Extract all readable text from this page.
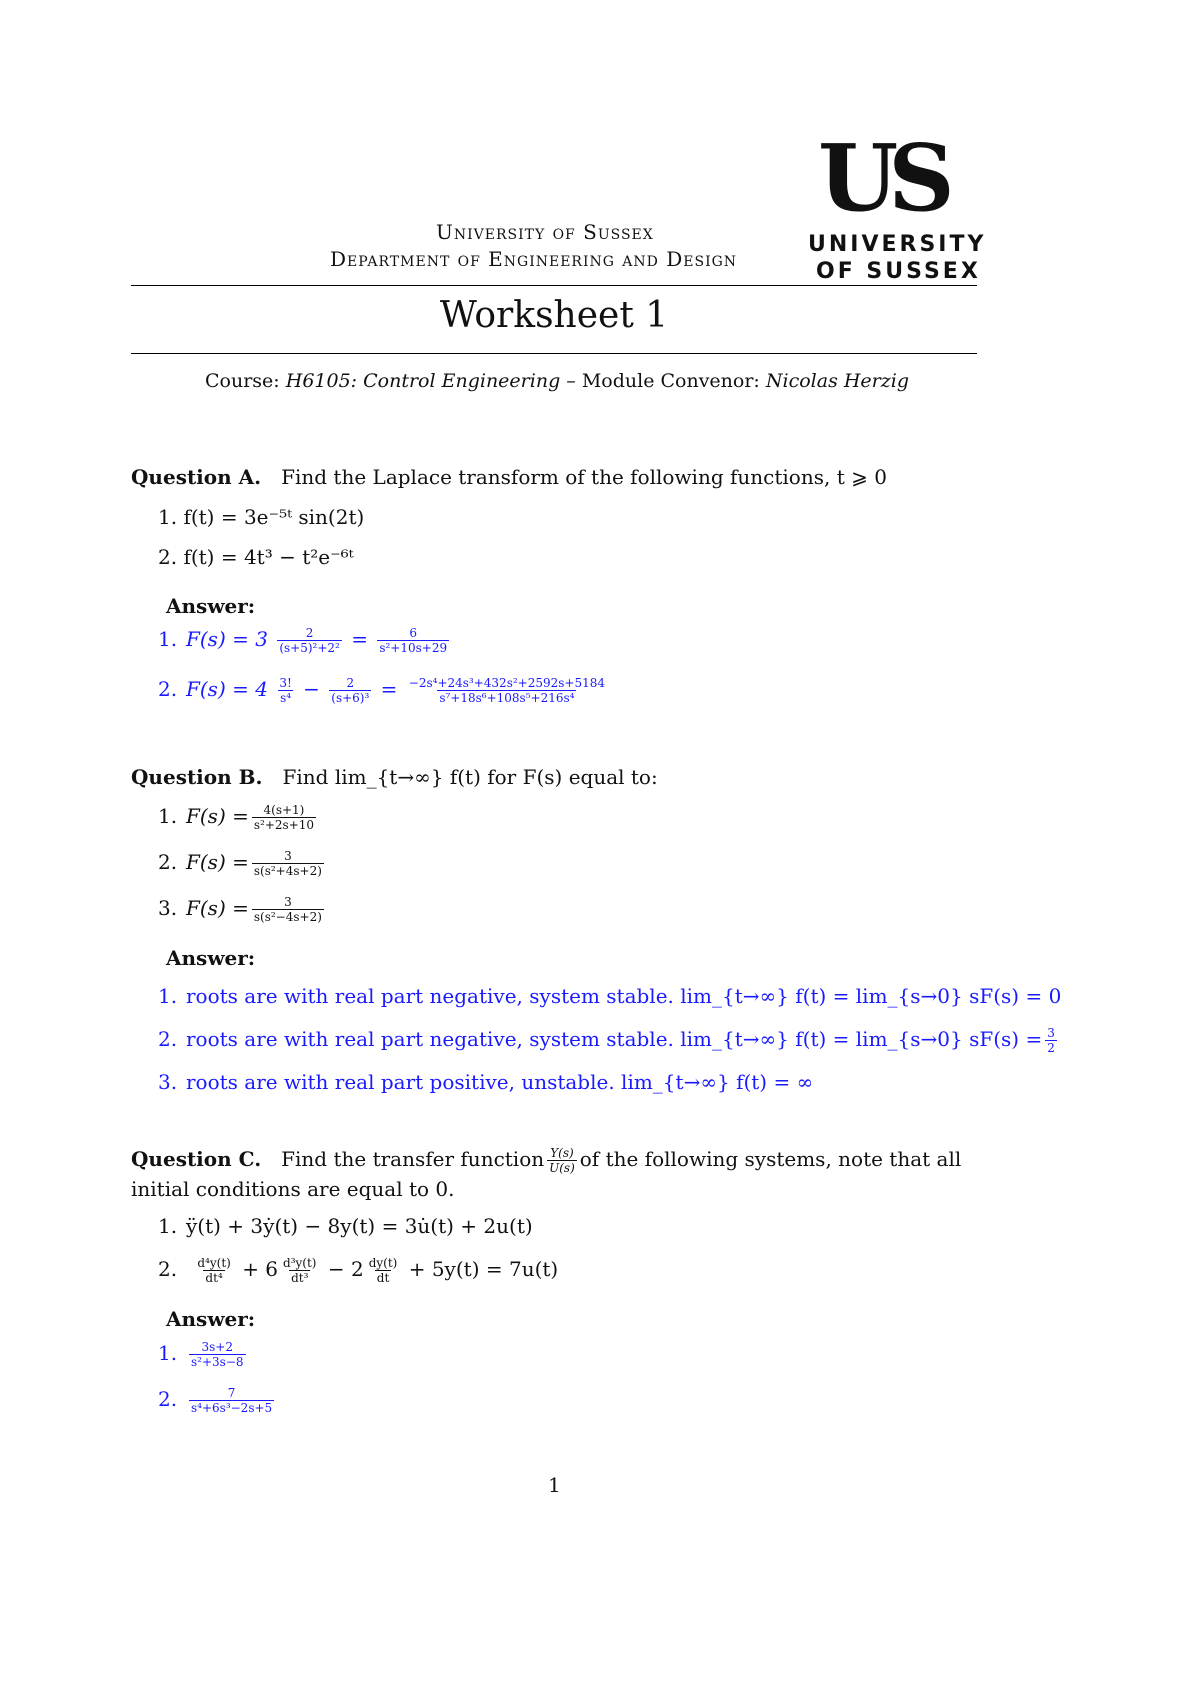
University of Sussex
Department of Engineering and Design
US
UNIVERSITY
OF SUSSEX
Worksheet 1
Course: H6105: Control Engineering – Module Convenor: Nicolas Herzig
Question A. Find the Laplace transform of the following functions, t ⩾ 0
1. f(t) = 3e⁻⁵ᵗ sin(2t)
2. f(t) = 4t³ − t²e⁻⁶ᵗ
Answer:
1. $F(s) = 3 \frac{2}{\text{(s+5)²+2²}} = \frac{6}{\text{s²+10s+29}}$
2. $F(s) = 4 \frac{3!}{\text{s⁴}} - \frac{2}{\text{(s+6)³}} = \frac{\text{−2s⁴+24s³+432s²+2592s+5184}}{\text{s⁷+18s⁶+108s⁵+216s⁴}}$
Question B. Find lim_{t→∞} f(t) for F(s) equal to:
1. $F(s) = \frac{4(s+1)}{\text{s²+2s+10}}$
2. $F(s) = \frac{3}{\text{s(s²+4s+2)}}$
3. $F(s) = \frac{3}{\text{s(s²−4s+2)}}$
Answer:
1. roots are with real part negative, system stable. lim_{t→∞} f(t) = lim_{s→0} sF(s) = 0
2. roots are with real part negative, system stable. lim_{t→∞} f(t) = lim_{s→0} $sF(s) = \frac{3}{2}$
3. roots are with real part positive, unstable. lim_{t→∞} f(t) = ∞
Question C. Find the transfer function $\frac{Y(s)}{U(s)}$ of the following systems, note that all
initial conditions are equal to 0.
1. ÿ(t) + 3ẏ(t) − 8y(t) = 3u̇(t) + 2u(t)
2. $\frac{\text{d⁴y(t)}}{\text{dt⁴}} + 6 \frac{\text{d³y(t)}}{\text{dt³}} - 2 \frac{dy(t)}{dt} + 5y(t) = 7u(t)$
Answer:
1. $\frac{3s+2}{\text{s²+3s−8}}$
2. $\frac{7}{\text{s⁴+6s³−2s+5}}$
1
